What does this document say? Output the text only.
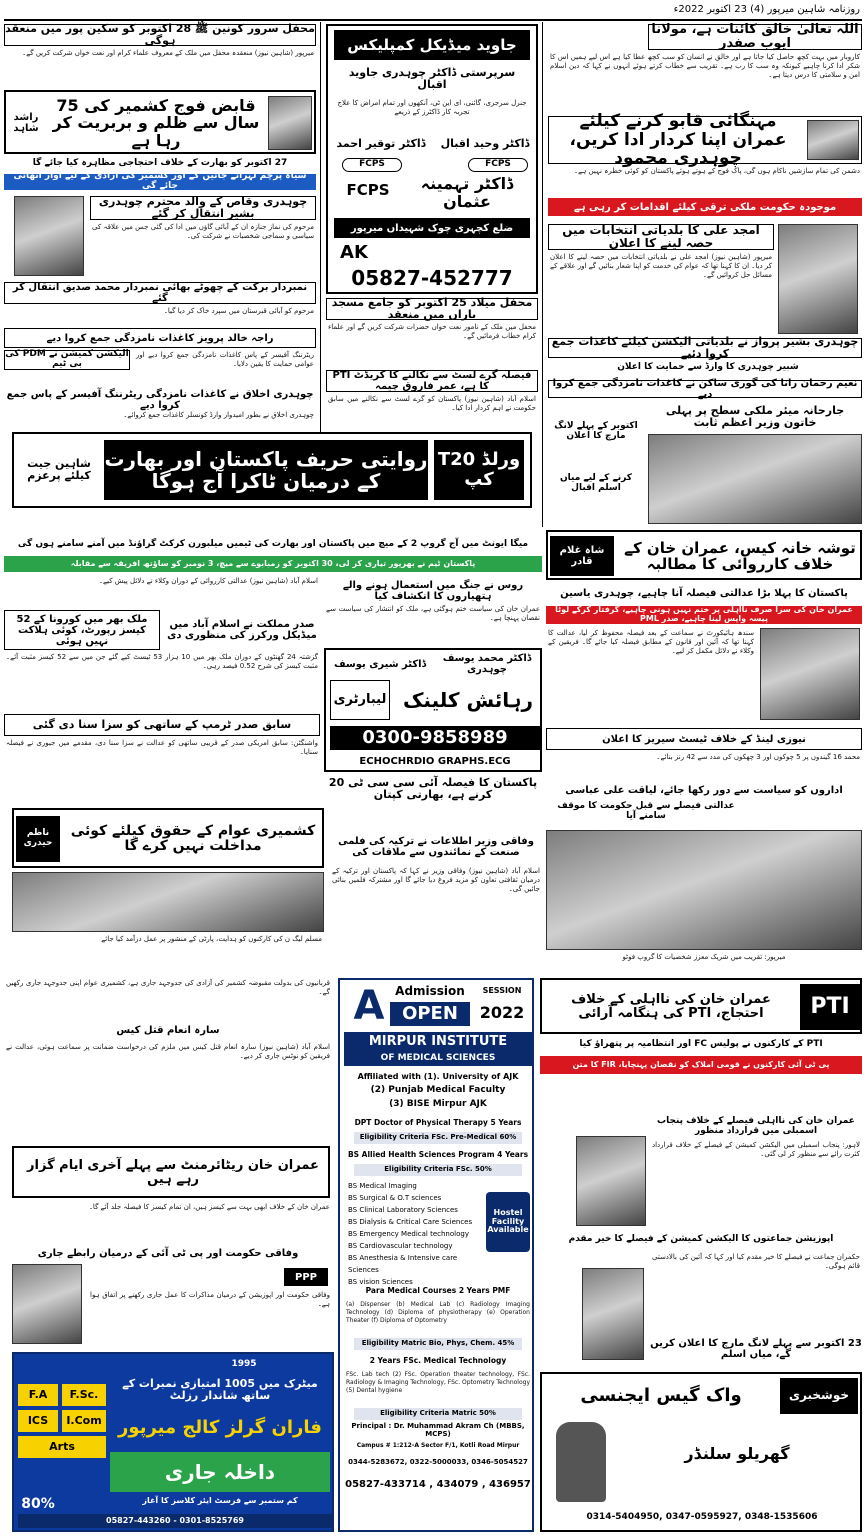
روزنامہ شاہین میرپور (4) 23 اکتوبر 2022ء
اللہ تعالیٰ خالق کائنات ہے، مولانا ایوب صفدر
کاروبار میں بہت کچھ حاصل کیا جاتا ہے اور خالق نے انسان کو سب کچھ عطا کیا ہے اس لیے ہمیں اس کا شکر ادا کرنا چاہیے کیونکہ وہ سب کا رب ہے۔ تقریب سے خطاب کرتے ہوئے انہوں نے کہا کہ دین اسلام امن و سلامتی کا درس دیتا ہے۔
مہنگائی قابو کرنے کیلئے عمران اپنا کردار ادا کریں، چوہدری محمود
دشمن کی تمام سازشیں ناکام ہوں گی، پاک فوج کے ہوتے ہوئے پاکستان کو کوئی خطرہ نہیں ہے۔
موجودہ حکومت ملکی ترقی کیلئے اقدامات کر رہی ہے
امجد علی کا بلدیاتی انتخابات میں حصہ لینے کا اعلان
میرپور (شاہین نیوز) امجد علی نے بلدیاتی انتخابات میں حصہ لینے کا اعلان کر دیا۔ ان کا کہنا تھا کہ عوام کی خدمت کو اپنا شعار بنائیں گے اور علاقے کے مسائل حل کروائیں گے۔
چوہدری بشیر پرواز نے بلدیاتی الیکشن کیلئے کاغذات جمع کروا دئیے
شبیر چوہدری کا وارڈ سے حمایت کا اعلان
نعیم رحمان رانا کی گوری ساکن نے کاغذات نامزدگی جمع کروا دیے
جارحانہ میئر ملکی سطح پر پہلی خاتون وزیر اعظم ثابت
اکتوبر کے پہلے لانگ مارچ کا اعلان
کرنے کے لیے میاں اسلم اقبال
جاوید میڈیکل کمپلیکس
سرپرستی ڈاکٹر چوہدری جاوید اقبال
جنرل سرجری، گائنی، ای این ٹی، آنکھوں اور تمام امراض کا علاج تجربہ کار ڈاکٹرز کے ذریعے
ڈاکٹر وحید اقبال
ڈاکٹر توقیر احمد
FCPS
FCPS
FCPS	ڈاکٹر تہمینہ عثمان
ضلع کچہری چوک شہیداں میرپور
AK
05827-452777
محفل میلاد 25 اکتوبر کو جامع مسجد باراں میں منعقد
محفل میں ملک کے نامور نعت خواں حضرات شرکت کریں گے اور علماء کرام خطاب فرمائیں گے۔
فیصلہ گرے لسٹ سے نکالنے کا کریڈٹ PTI کا ہے، عمر فاروق چیمہ
اسلام آباد (شاہین نیوز) پاکستان کو گرے لسٹ سے نکالنے میں سابق حکومت نے اہم کردار ادا کیا۔
محفل سرور کونین ﷺ 28 اکتوبر کو سکین پور میں منعقد ہوگی
میرپور (شاہین نیوز) منعقدہ محفل میں ملک کے معروف علماء کرام اور نعت خواں شرکت کریں گے۔
قابض فوج کشمیر کی 75 سال سے ظلم و بربریت کر رہا ہے
راشد شاہد
27 اکتوبر کو بھارت کے خلاف احتجاجی مظاہرہ کیا جائے گا
سیاہ پرچم لہرائے جائیں گے اور کشمیر کی آزادی کے لیے آواز اٹھائی جائے گی
چوہدری وقاص کے والد محترم چوہدری بشیر انتقال کر گئے
مرحوم کی نماز جنازہ ان کے آبائی گاؤں میں ادا کی گئی جس میں علاقہ کی سیاسی و سماجی شخصیات نے شرکت کی۔
نمبردار برکت کے چھوٹے بھائی نمبردار محمد صدیق انتقال کر گئے
مرحوم کو آبائی قبرستان میں سپرد خاک کر دیا گیا۔
راجہ خالد پرویز کاغذات نامزدگی جمع کروا دیے
ریٹرننگ آفیسر کے پاس کاغذات نامزدگی جمع کروا دیے اور عوامی حمایت کا یقین دلایا۔
الیکشن کمیشن نے PDM کی بی ٹیم
چوہدری اخلاق نے کاغذات نامزدگی ریٹرننگ آفیسر کے پاس جمع کروا دیے
چوہدری اخلاق نے بطور امیدوار وارڈ کونسلر کاغذات جمع کروائے۔
T20 ورلڈ کپ
روایتی حریف پاکستان اور بھارت کے درمیان ٹاکرا آج ہوگا
شاہین جیت کیلئے پرعزم
میگا ایونٹ میں آج گروپ 2 کے میچ میں پاکستان اور بھارت کی ٹیمیں میلبورن کرکٹ گراؤنڈ میں آمنے سامنے ہوں گی
پاکستان ٹیم نے بھرپور تیاری کر لی، 30 اکتوبر کو زمبابوے سے میچ، 3 نومبر کو ساؤتھ افریقہ سے مقابلہ
توشہ خانہ کیس، عمران خان کے خلاف کارروائی کا مطالبہ
شاہ غلام قادر
پاکستان کا پہلا بڑا عدالتی فیصلہ آنا چاہیے، چوہدری یاسین
عمران خان کی سزا صرف نااہلی پر ختم نہیں ہونی چاہیے، گرفتار کرکے لوٹا پیسہ واپس لینا چاہیے، صدر PML
سندھ ہائیکورٹ نے سماعت کے بعد فیصلہ محفوظ کر لیا، عدالت کا کہنا تھا کہ آئین اور قانون کے مطابق فیصلہ کیا جائے گا۔ فریقین کے وکلاء نے دلائل مکمل کر لیے۔
نیوزی لینڈ کے خلاف ٹیسٹ سیریز کا اعلان
محمد 16 گیندوں پر 5 چوکوں اور 3 چھکوں کی مدد سے 42 رنز بنائے۔
اداروں کو سیاست سے دور رکھا جائے، لیاقت علی عباسی
عدالتی فیصلے سے قبل حکومت کا موقف سامنے آیا
روس نے جنگ میں استعمال ہونے والے ہتھیاروں کا انکشاف کیا
عمران خان کی سیاست ختم ہوگئی ہے، ملک کو انتشار کی سیاست سے نقصان پہنچا ہے۔
ڈاکٹر محمد یوسف چوہدری
ڈاکٹر شیری یوسف
رہائش کلینک
لیبارٹری
0300-9858989
ECHOCHRDIO GRAPHS.ECG
اسلام آباد (شاہین نیوز) عدالتی کارروائی کے دوران وکلاء نے دلائل پیش کیے۔
صدر مملکت نے اسلام آباد میں میڈیکل ورکرز کی منظوری دی
ملک بھر میں کورونا کے 52 کیسز رپورٹ، کوئی ہلاکت نہیں ہوئی
گزشتہ 24 گھنٹوں کے دوران ملک بھر میں 10 ہزار 53 ٹیسٹ کیے گئے جن میں سے 52 کیسز مثبت آئے۔ مثبت کیسز کی شرح 0.52 فیصد رہی۔
سابق صدر ٹرمپ کے ساتھی کو سزا سنا دی گئی
واشنگٹن: سابق امریکی صدر کے قریبی ساتھی کو عدالت نے سزا سنا دی، مقدمے میں جیوری نے فیصلہ سنایا۔
پاکستان کا فیصلہ آئی سی سی ٹی 20 کرنے ہے، بھارتی کپتان
کشمیری عوام کے حقوق کیلئے کوئی مداخلت نہیں کرے گا
ناظم حیدری
مسلم لیگ ن کی کارکنوں کو ہدایت، پارٹی کے منشور پر عمل درآمد کیا جائے
وفاقی وزیر اطلاعات نے ترکیہ کی فلمی صنعت کے نمائندوں سے ملاقات کی
اسلام آباد (شاہین نیوز) وفاقی وزیر نے کہا کہ پاکستان اور ترکیہ کے درمیان ثقافتی تعاون کو مزید فروغ دیا جائے گا اور مشترکہ فلمیں بنائی جائیں گی۔
میرپور: تقریب میں شریک معزز شخصیات کا گروپ فوٹو
عمران خان کی نااہلی کے خلاف احتجاج، PTI کی ہنگامہ آرائی	PTI
PTI کے کارکنوں نے پولیس FC اور انتظامیہ پر پتھراؤ کیا
پی ٹی آئی کارکنوں نے قومی املاک کو نقصان پہنچایا، FIR کا متن
عمران خان کی نااہلی فیصلے کے خلاف پنجاب اسمبلی میں قرارداد منظور
لاہور: پنجاب اسمبلی میں الیکشن کمیشن کے فیصلے کے خلاف قرارداد کثرت رائے سے منظور کر لی گئی۔
اپوزیشن جماعتوں کا الیکشن کمیشن کے فیصلے کا خیر مقدم
حکمران جماعت نے فیصلے کا خیر مقدم کیا اور کہا کہ آئین کی بالادستی قائم ہوگی۔
23 اکتوبر سے پہلے لانگ مارچ کا اعلان کریں گے، میاں اسلم
واک گیس ایجنسی	خوشخبری
گھریلو سلنڈر
0314-5404950, 0347-0595927, 0348-1535606
A Admission
OPEN
SESSION
2022
MIRPUR INSTITUTE
OF MEDICAL SCIENCES
Affiliated with (1). University of AJK
(2) Punjab Medical Faculty
(3) BISE Mirpur AJK
DPT Doctor of Physical Therapy 5 Years
Eligibility Criteria FSc. Pre-Medical 60%
BS Allied Health Sciences Program 4 Years
Eligibility Criteria FSc. 50%
BS Medical Imaging
BS Surgical & O.T sciences
BS Clinical Laboratory Sciences
BS Dialysis & Critical Care Sciences
BS Emergency Medical technology
BS Cardiovascular technology
BS Anesthesia & Intensive care Sciences
BS vision Sciences
Hostel Facility Available
Para Medical Courses 2 Years PMF
(a) Dispenser (b) Medical Lab (c) Radiology Imaging Technology (d) Diploma of physiotherapy (e) Operation Theater (f) Diploma of Optometry
Eligibility Matric Bio, Phys, Chem. 45%
2 Years FSc. Medical Technology
FSc. Lab tech (2) FSc. Operation theater technology, FSc. Radiology & Imaging Technology, FSc. Optometry Technology (5) Dental hygiene
Eligibility Criteria Matric 50%
Principal : Dr. Muhammad Akram Ch (MBBS, MCPS)
Campus # 1:212-A Sector F/1, Kotli Road Mirpur
0344-5283672, 0322-5000033, 0346-5054527
05827-433714 , 434079 , 436957
قربانیوں کی بدولت مقبوضہ کشمیر کی آزادی کی جدوجہد جاری ہے، کشمیری عوام اپنی جدوجہد جاری رکھیں گے۔
سارہ انعام قتل کیس
اسلام آباد (شاہین نیوز) سارہ انعام قتل کیس میں ملزم کی درخواست ضمانت پر سماعت ہوئی، عدالت نے فریقین کو نوٹس جاری کر دیے۔
عمران خان ریٹائرمنٹ سے پہلے آخری ایام گزار رہے ہیں
عمران خان کے خلاف ابھی بہت سے کیسز ہیں، ان تمام کیسز کا فیصلہ جلد آئے گا۔
وفاقی حکومت اور پی ٹی آئی کے درمیان رابطے جاری
PPP
وفاقی حکومت اور اپوزیشن کے درمیان مذاکرات کا عمل جاری رکھنے پر اتفاق ہوا ہے۔
1995
میٹرک میں 1005 امتیازی نمبرات کے ساتھ شاندار رزلٹ
فاران گرلز کالج میرپور
داخلہ جاری
کم ستمبر سے فرسٹ ایئر کلاسز کا آغاز
F.A	F.Sc.
ICS	I.Com
Arts
80%
05827-443260 - 0301-8525769
